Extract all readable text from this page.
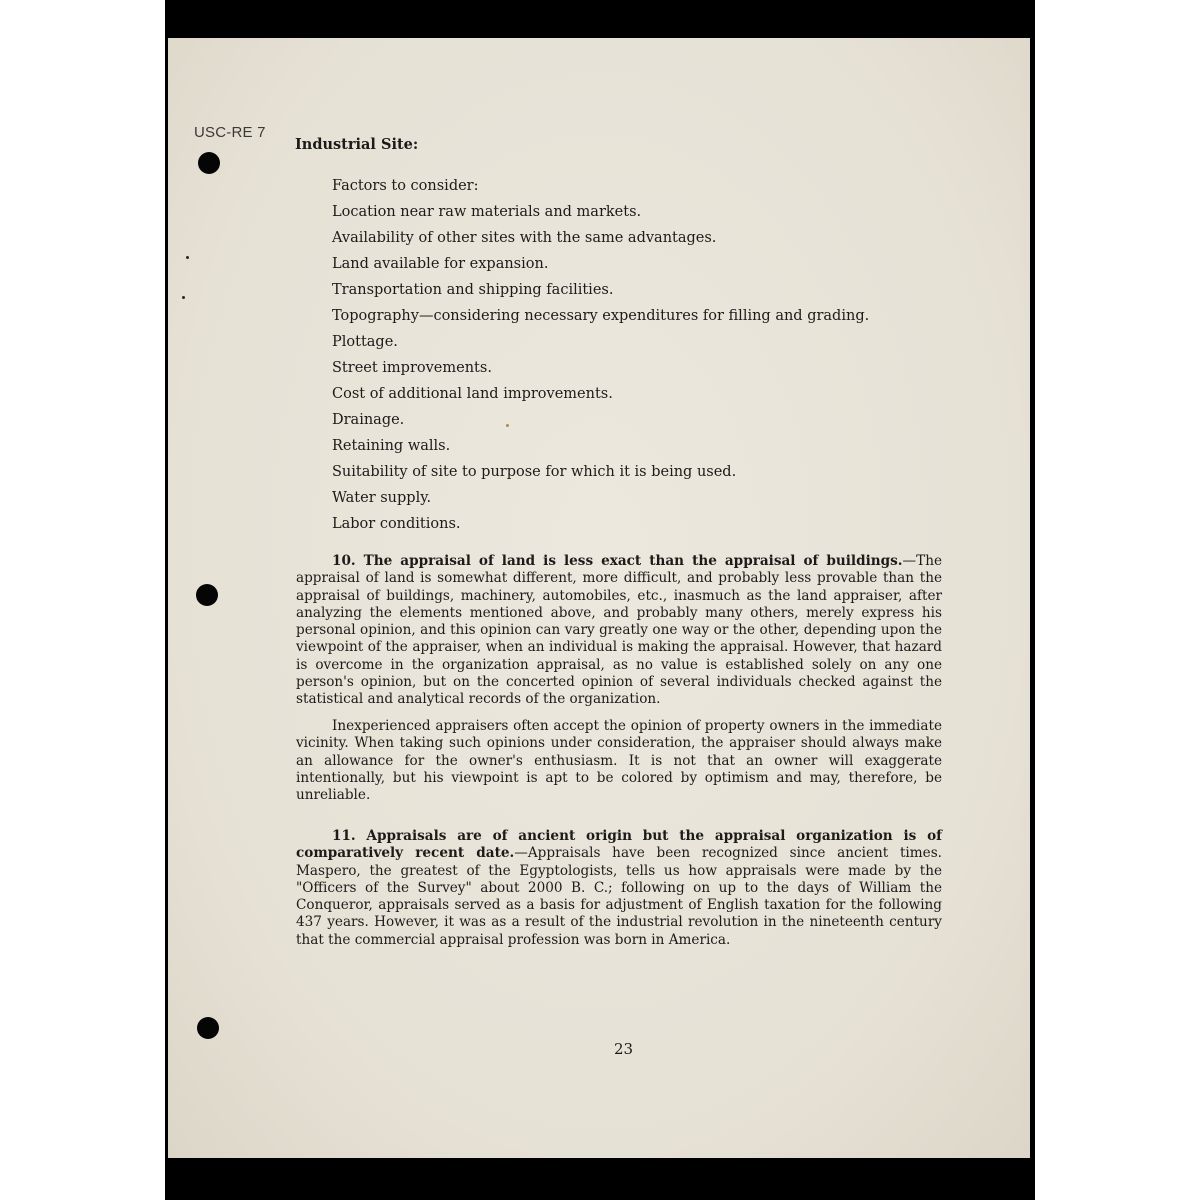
USC-RE 7
Industrial Site:
Factors to consider:
Location near raw materials and markets.
Availability of other sites with the same advantages.
Land available for expansion.
Transportation and shipping facilities.
Topography—considering necessary expenditures for filling and grading.
Plottage.
Street improvements.
Cost of additional land improvements.
Drainage.
Retaining walls.
Suitability of site to purpose for which it is being used.
Water supply.
Labor conditions.

10. The appraisal of land is less exact than the appraisal of buildings.—The appraisal of land is somewhat different, more difficult, and probably less provable than the appraisal of buildings, machinery, automobiles, etc., inasmuch as the land appraiser, after analyzing the elements mentioned above, and probably many others, merely express his personal opinion, and this opinion can vary greatly one way or the other, depending upon the viewpoint of the appraiser, when an individual is making the appraisal. However, that hazard is overcome in the organization appraisal, as no value is established solely on any one person's opinion, but on the concerted opinion of several individuals checked against the statistical and analytical records of the organization.

Inexperienced appraisers often accept the opinion of property owners in the immediate vicinity. When taking such opinions under consideration, the appraiser should always make an allowance for the owner's enthusiasm. It is not that an owner will exaggerate intentionally, but his viewpoint is apt to be colored by optimism and may, therefore, be unreliable.

11. Appraisals are of ancient origin but the appraisal organization is of comparatively recent date.—Appraisals have been recognized since ancient times. Maspero, the greatest of the Egyptologists, tells us how appraisals were made by the "Officers of the Survey" about 2000 B. C.; following on up to the days of William the Conqueror, appraisals served as a basis for adjustment of English taxation for the following 437 years. However, it was as a result of the industrial revolution in the nineteenth century that the commercial appraisal profession was born in America.

23
